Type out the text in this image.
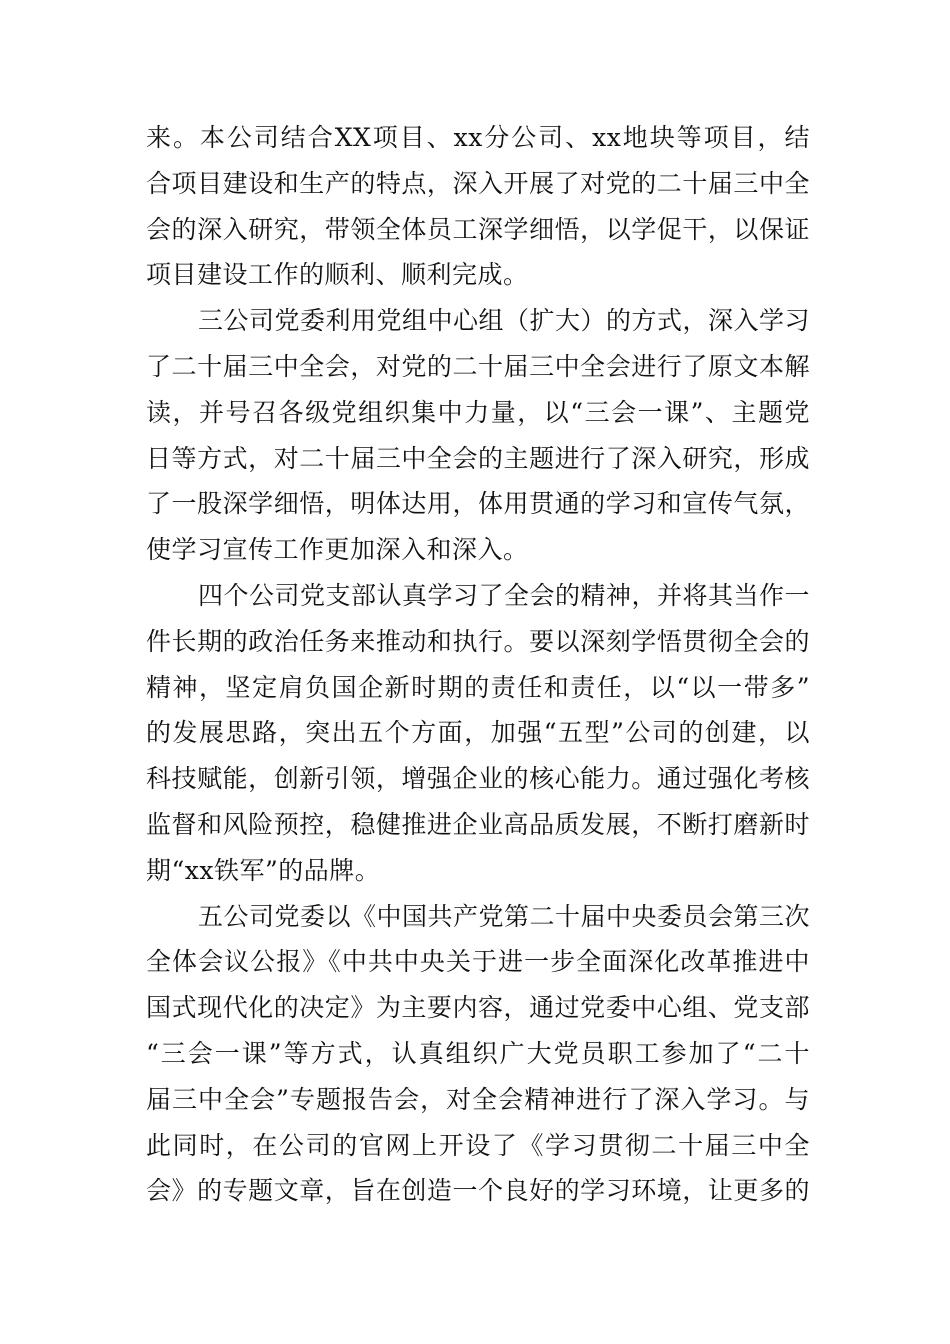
来。本公司结合XX项目、xx分公司、xx地块等项目，结
合项目建设和生产的特点，深入开展了对党的二十届三中全
会的深入研究，带领全体员工深学细悟，以学促干，以保证
项目建设工作的顺利、顺利完成。
三公司党委利用党组中心组（扩大）的方式，深入学习
了二十届三中全会，对党的二十届三中全会进行了原文本解
读，并号召各级党组织集中力量，以“三会一课”、主题党
日等方式，对二十届三中全会的主题进行了深入研究，形成
了一股深学细悟，明体达用，体用贯通的学习和宣传气氛，
使学习宣传工作更加深入和深入。
四个公司党支部认真学习了全会的精神，并将其当作一
件长期的政治任务来推动和执行。要以深刻学悟贯彻全会的
精神，坚定肩负国企新时期的责任和责任，以“以一带多”
的发展思路，突出五个方面，加强“五型”公司的创建，以
科技赋能，创新引领，增强企业的核心能力。通过强化考核
监督和风险预控，稳健推进企业高品质发展，不断打磨新时
期“xx铁军”的品牌。
五公司党委以《中国共产党第二十届中央委员会第三次
全体会议公报》《中共中央关于进一步全面深化改革推进中
国式现代化的决定》为主要内容，通过党委中心组、党支部
“三会一课”等方式，认真组织广大党员职工参加了“二十
届三中全会”专题报告会，对全会精神进行了深入学习。与
此同时，在公司的官网上开设了《学习贯彻二十届三中全
会》的专题文章，旨在创造一个良好的学习环境，让更多的
